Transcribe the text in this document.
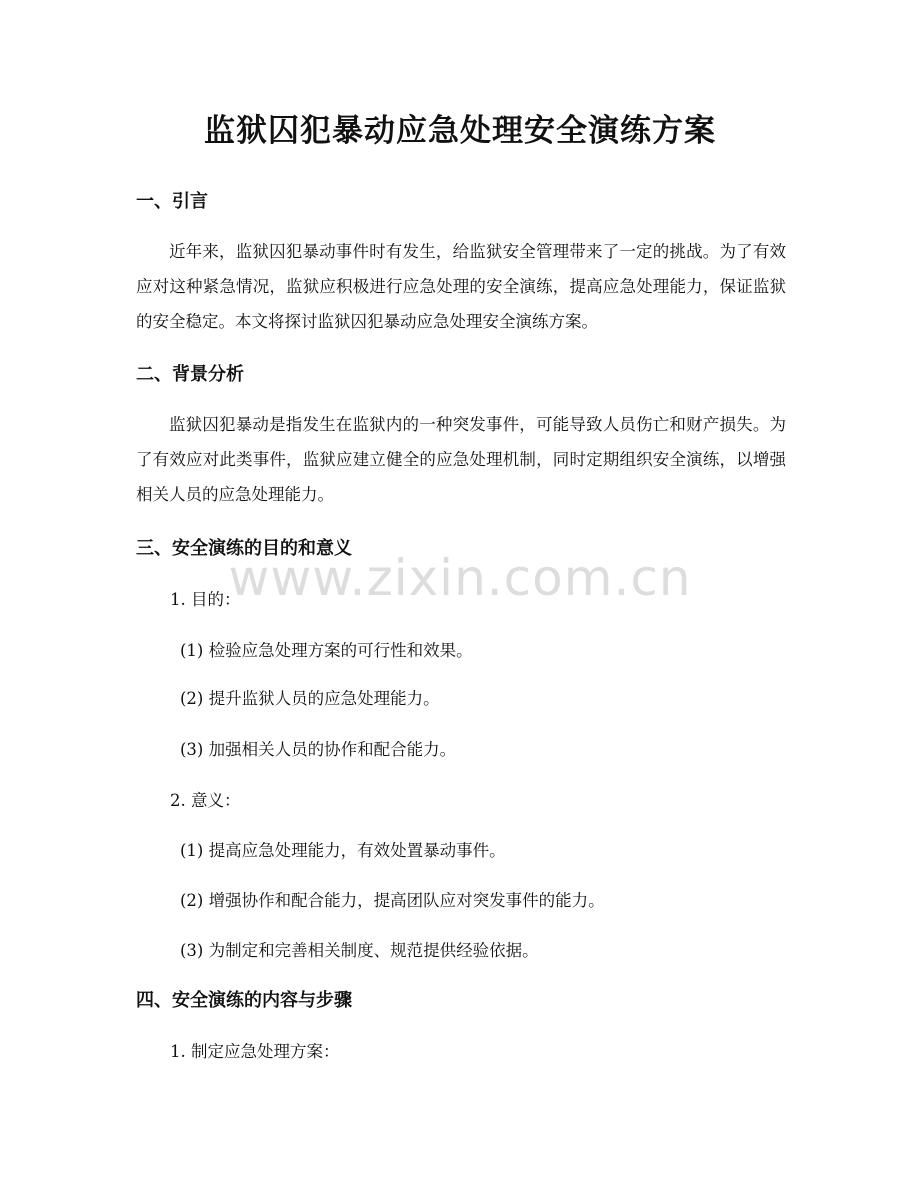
监狱囚犯暴动应急处理安全演练方案
一、引言
近年来，监狱囚犯暴动事件时有发生，给监狱安全管理带来了一定的挑战。为了有效应对这种紧急情况，监狱应积极进行应急处理的安全演练，提高应急处理能力，保证监狱的安全稳定。本文将探讨监狱囚犯暴动应急处理安全演练方案。
二、背景分析
监狱囚犯暴动是指发生在监狱内的一种突发事件，可能导致人员伤亡和财产损失。为了有效应对此类事件，监狱应建立健全的应急处理机制，同时定期组织安全演练，以增强相关人员的应急处理能力。
三、安全演练的目的和意义
1. 目的：
(1) 检验应急处理方案的可行性和效果。
(2) 提升监狱人员的应急处理能力。
(3) 加强相关人员的协作和配合能力。
2. 意义：
(1) 提高应急处理能力，有效处置暴动事件。
(2) 增强协作和配合能力，提高团队应对突发事件的能力。
(3) 为制定和完善相关制度、规范提供经验依据。
四、安全演练的内容与步骤
1. 制定应急处理方案：
www.zixin.com.cn
